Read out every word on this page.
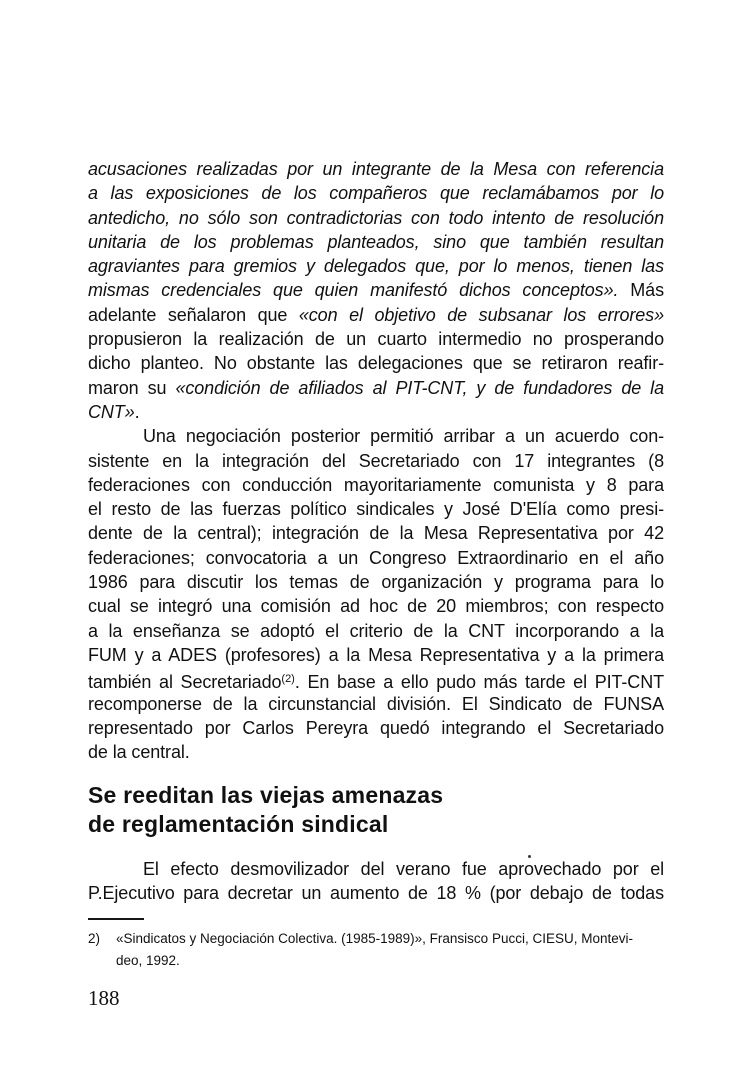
acusaciones realizadas por un integrante de la Mesa con referencia
a las exposiciones de los compañeros que reclamábamos por lo
antedicho, no sólo son contradictorias con todo intento de resolución
unitaria de los problemas planteados, sino que también resultan
agraviantes para gremios y delegados que, por lo menos, tienen las
mismas credenciales que quien manifestó dichos conceptos». Más
adelante señalaron que «con el objetivo de subsanar los errores»
propusieron la realización de un cuarto intermedio no prosperando
dicho planteo. No obstante las delegaciones que se retiraron reafir-
maron su «condición de afiliados al PIT-CNT, y de fundadores de la
CNT».
Una negociación posterior permitió arribar a un acuerdo con-
sistente en la integración del Secretariado con 17 integrantes (8
federaciones con conducción mayoritariamente comunista y 8 para
el resto de las fuerzas político sindicales y José D'Elía como presi-
dente de la central); integración de la Mesa Representativa por 42
federaciones; convocatoria a un Congreso Extraordinario en el año
1986 para discutir los temas de organización y programa para lo
cual se integró una comisión ad hoc de 20 miembros; con respecto
a la enseñanza se adoptó el criterio de la CNT incorporando a la
FUM y a ADES (profesores) a la Mesa Representativa y a la primera
también al Secretariado$^{(2)}$. En base a ello pudo más tarde el PIT-CNT
recomponerse de la circunstancial división. El Sindicato de FUNSA
representado por Carlos Pereyra quedó integrando el Secretariado
de la central.
Se reeditan las viejas amenazas
de reglamentación sindical
El efecto desmovilizador del verano fue aprovechado por el
P.Ejecutivo para decretar un aumento de 18 % (por debajo de todas
2) «Sindicatos y Negociación Colectiva. (1985-1989)», Fransisco Pucci, CIESU, Montevi-
deo, 1992.
188
